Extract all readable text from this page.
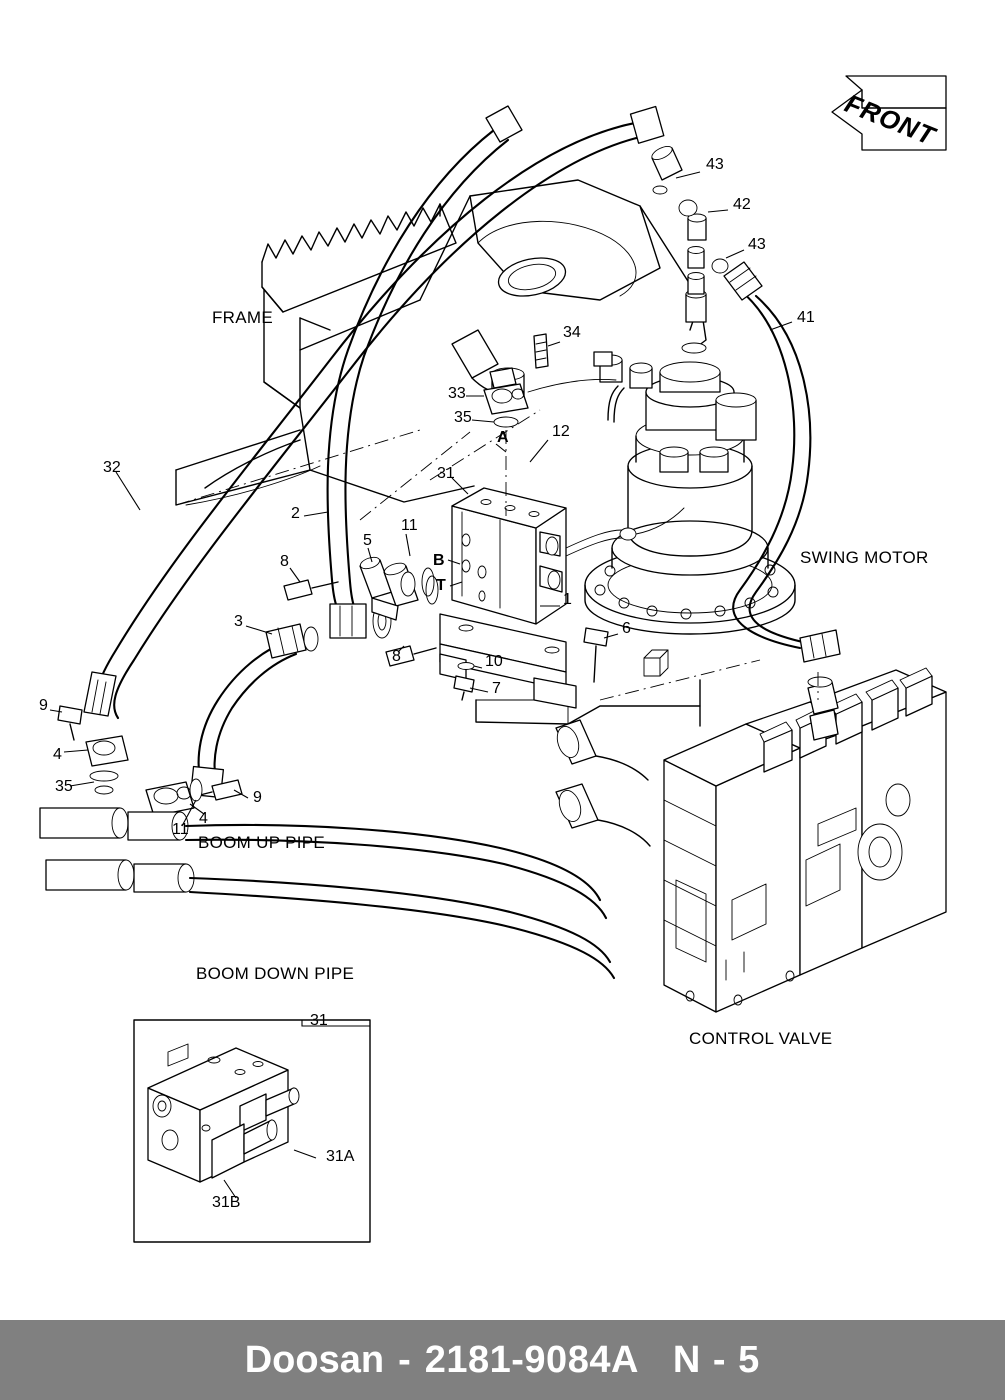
FRAME
SWING MOTOR
CONTROL VALVE
BOOM UP PIPE
BOOM DOWN PIPE
A
B
T
43
42
43
41
34
33
35
12
31
32
2
5
11
8
1
6
3
8	10
7
9
4
35
9
4
11
31
31A
31B
FRONT
Doosan - 2181-9084A N - 5
